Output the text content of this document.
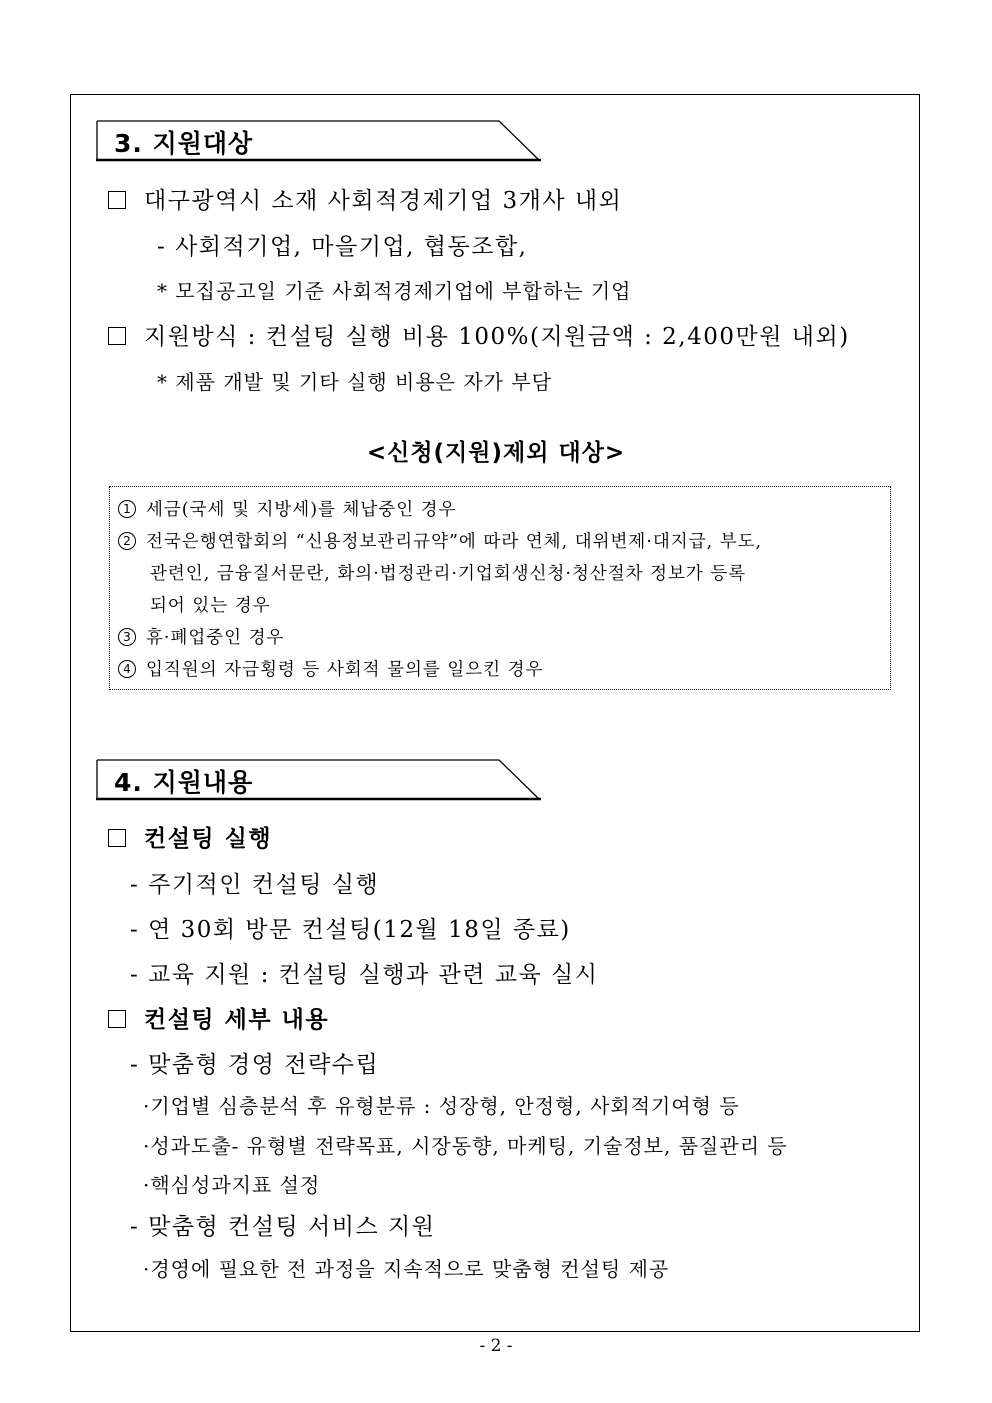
3. 지원대상
대구광역시 소재 사회적경제기업 3개사 내외
- 사회적기업, 마을기업, 협동조합,
* 모집공고일 기준 사회적경제기업에 부합하는 기업
지원방식 : 컨설팅 실행 비용 100%(지원금액 : 2,400만원 내외)
* 제품 개발 및 기타 실행 비용은 자가 부담
<신청(지원)제외 대상>
1 세금(국세 및 지방세)를 체납중인 경우
2 전국은행연합회의 “신용정보관리규약”에 따라 연체, 대위변제·대지급, 부도,
관련인, 금융질서문란, 화의·법정관리·기업회생신청·청산절차 정보가 등록
되어 있는 경우
3 휴·폐업중인 경우
4 입직원의 자금횡령 등 사회적 물의를 일으킨 경우
4. 지원내용
컨설팅 실행
- 주기적인 컨설팅 실행
- 연 30회 방문 컨설팅(12월 18일 종료)
- 교육 지원 : 컨설팅 실행과 관련 교육 실시
컨설팅 세부 내용
- 맞춤형 경영 전략수립
·기업별 심층분석 후 유형분류 : 성장형, 안정형, 사회적기여형 등
·성과도출- 유형별 전략목표, 시장동향, 마케팅, 기술정보, 품질관리 등
·핵심성과지표 설정
- 맞춤형 컨설팅 서비스 지원
·경영에 필요한 전 과정을 지속적으로 맞춤형 컨설팅 제공
- 2 -
